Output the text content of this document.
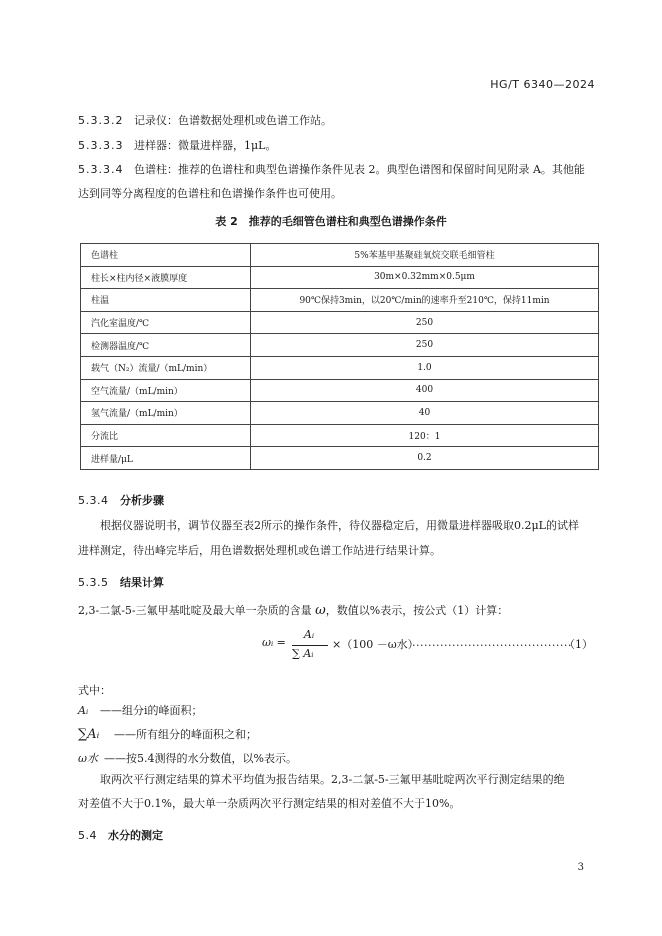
HG/T 6340—2024
5.3.3.2 记录仪：色谱数据处理机或色谱工作站。
5.3.3.3 进样器：微量进样器，1μL。
5.3.3.4 色谱柱：推荐的色谱柱和典型色谱操作条件见表 2。典型色谱图和保留时间见附录 A。其他能
达到同等分离程度的色谱柱和色谱操作条件也可使用。
表 2　推荐的毛细管色谱柱和典型色谱操作条件
色谱柱	5%苯基甲基聚硅氧烷交联毛细管柱
柱长×柱内径×液膜厚度	30m×0.32mm×0.5μm
柱温	90℃保持3min，以20℃/min的速率升至210℃，保持11min
汽化室温度/℃	250
检测器温度/℃	250
载气（N₂）流量/（mL/min）	1.0
空气流量/（mL/min）	400
氢气流量/（mL/min）	40
分流比	120：1
进样量/μL	0.2
5.3.4 分析步骤
根据仪器说明书，调节仪器至表2所示的操作条件，待仪器稳定后，用微量进样器吸取0.2μL的试样
进样测定，待出峰完毕后，用色谱数据处理机或色谱工作站进行结果计算。
5.3.5 结果计算
2,3-二氯-5-三氟甲基吡啶及最大单一杂质的含量 ω，数值以%表示，按公式（1）计算：
ωᵢ =
Aᵢ
∑ Aᵢ
×（100 －ω水）
........................................
（1）
式中：
Aᵢ ——组分i的峰面积；
∑Aᵢ ——所有组分的峰面积之和；
ω水 ——按5.4测得的水分数值，以%表示。
取两次平行测定结果的算术平均值为报告结果。2,3-二氯-5-三氟甲基吡啶两次平行测定结果的绝
对差值不大于0.1%，最大单一杂质两次平行测定结果的相对差值不大于10%。
5.4 水分的测定
3
